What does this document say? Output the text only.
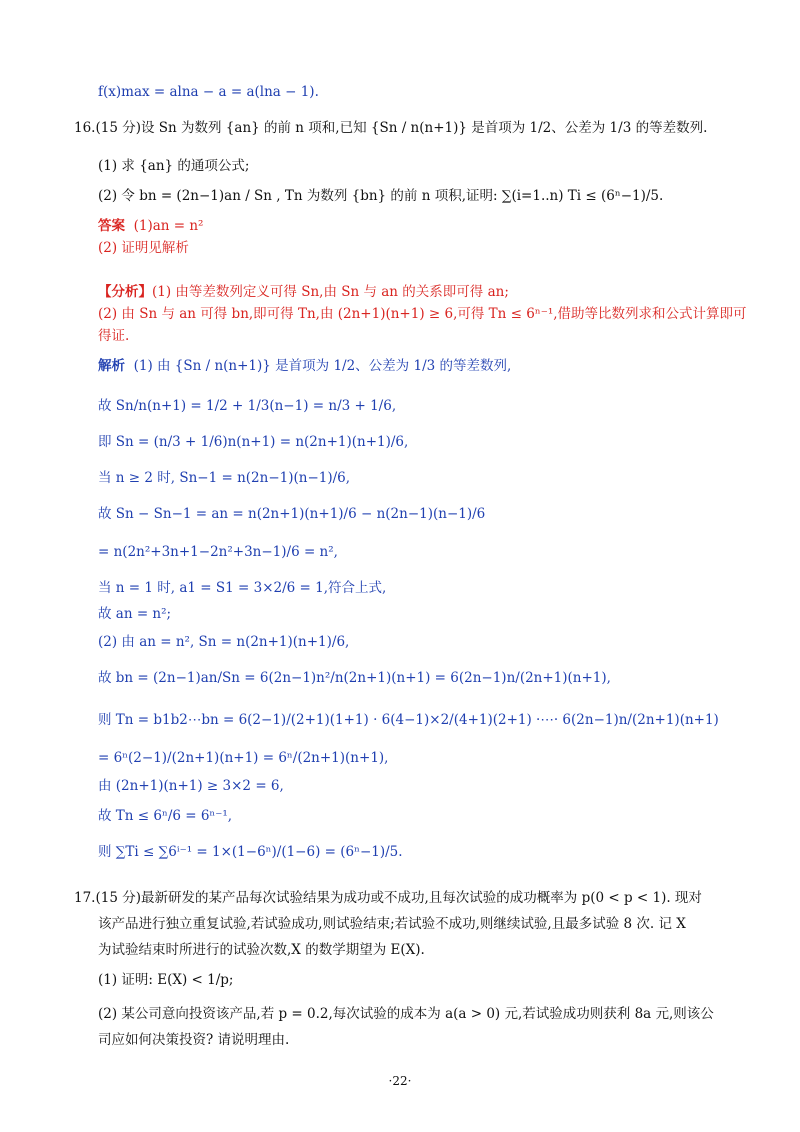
f(x)max = alna − a = a(lna − 1).
16.(15 分)设 Sn 为数列 {an} 的前 n 项和,已知 {Sn / n(n+1)} 是首项为 1/2、公差为 1/3 的等差数列.
(1) 求 {an} 的通项公式;
(2) 令 bn = (2n−1)an / Sn , Tn 为数列 {bn} 的前 n 项积,证明: ∑(i=1..n) Ti ≤ (6ⁿ−1)/5.
答案 (1)an = n²
(2) 证明见解析
【分析】(1) 由等差数列定义可得 Sn,由 Sn 与 an 的关系即可得 an;
(2) 由 Sn 与 an 可得 bn,即可得 Tn,由 (2n+1)(n+1) ≥ 6,可得 Tn ≤ 6ⁿ⁻¹,借助等比数列求和公式计算即可
得证.
解析 (1) 由 {Sn / n(n+1)} 是首项为 1/2、公差为 1/3 的等差数列,
故 Sn/n(n+1) = 1/2 + 1/3(n−1) = n/3 + 1/6,
即 Sn = (n/3 + 1/6)n(n+1) = n(2n+1)(n+1)/6,
当 n ≥ 2 时, Sn−1 = n(2n−1)(n−1)/6,
故 Sn − Sn−1 = an = n(2n+1)(n+1)/6 − n(2n−1)(n−1)/6
= n(2n²+3n+1−2n²+3n−1)/6 = n²,
当 n = 1 时, a1 = S1 = 3×2/6 = 1,符合上式,
故 an = n²;
(2) 由 an = n², Sn = n(2n+1)(n+1)/6,
故 bn = (2n−1)an/Sn = 6(2n−1)n²/n(2n+1)(n+1) = 6(2n−1)n/(2n+1)(n+1),
则 Tn = b1b2⋯bn = 6(2−1)/(2+1)(1+1) · 6(4−1)×2/(4+1)(2+1) ·⋯· 6(2n−1)n/(2n+1)(n+1)
= 6ⁿ(2−1)/(2n+1)(n+1) = 6ⁿ/(2n+1)(n+1),
由 (2n+1)(n+1) ≥ 3×2 = 6,
故 Tn ≤ 6ⁿ/6 = 6ⁿ⁻¹,
则 ∑Ti ≤ ∑6ⁱ⁻¹ = 1×(1−6ⁿ)/(1−6) = (6ⁿ−1)/5.
17.(15 分)最新研发的某产品每次试验结果为成功或不成功,且每次试验的成功概率为 p(0 < p < 1). 现对
该产品进行独立重复试验,若试验成功,则试验结束;若试验不成功,则继续试验,且最多试验 8 次. 记 X
为试验结束时所进行的试验次数,X 的数学期望为 E(X).
(1) 证明: E(X) < 1/p;
(2) 某公司意向投资该产品,若 p = 0.2,每次试验的成本为 a(a > 0) 元,若试验成功则获利 8a 元,则该公
司应如何决策投资? 请说明理由.
·22·
